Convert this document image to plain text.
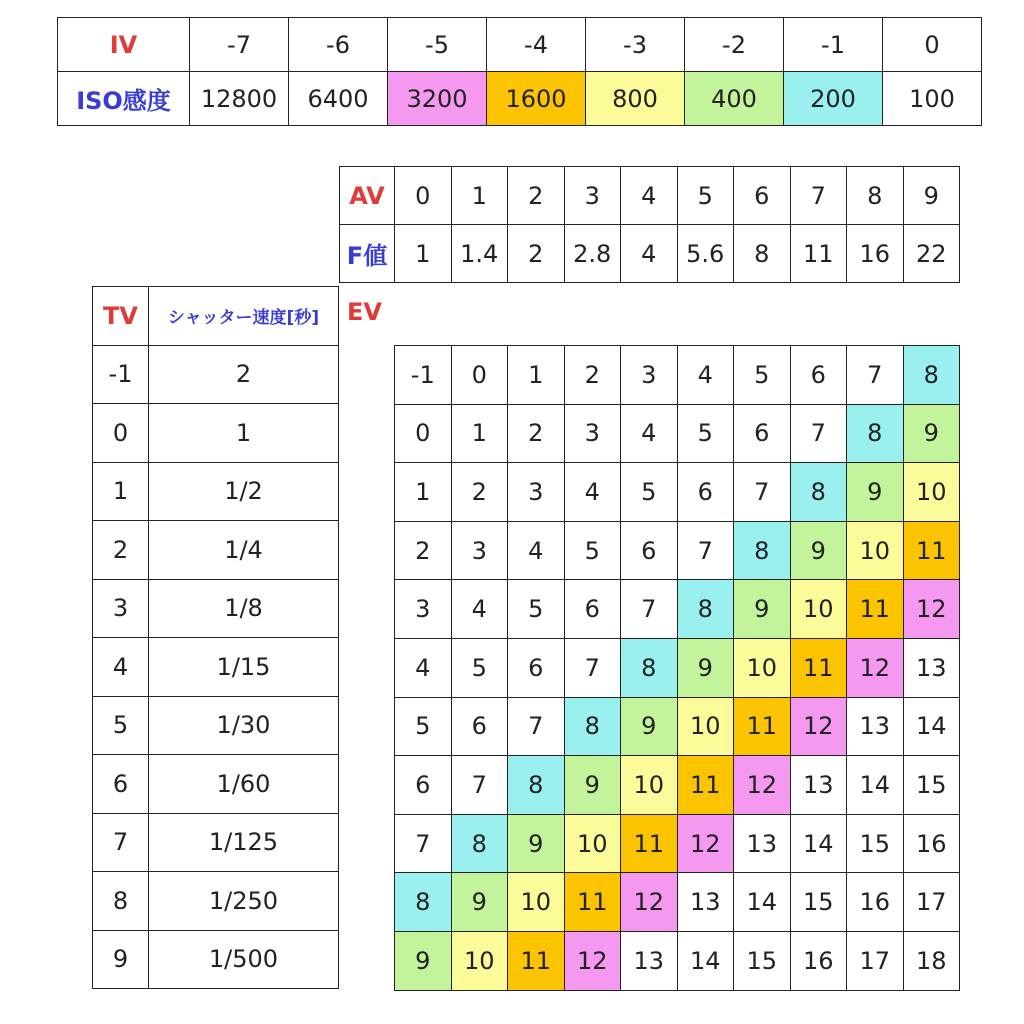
IV	-7	-6	-5	-4	-3	-2	-1	0
ISO感度	12800	6400	3200	1600	800	400	200	100
AV	0	1	2	3	4	5	6	7	8	9
F値	1	1.4	2	2.8	4	5.6	8	11	16	22
EV
TV	シャッター速度[秒]
-1	2
0	1
1	1/2
2	1/4
3	1/8
4	1/15
5	1/30
6	1/60
7	1/125
8	1/250
9	1/500
-1	0	1	2	3	4	5	6	7	8
0	1	2	3	4	5	6	7	8	9
1	2	3	4	5	6	7	8	9	10
2	3	4	5	6	7	8	9	10	11
3	4	5	6	7	8	9	10	11	12
4	5	6	7	8	9	10	11	12	13
5	6	7	8	9	10	11	12	13	14
6	7	8	9	10	11	12	13	14	15
7	8	9	10	11	12	13	14	15	16
8	9	10	11	12	13	14	15	16	17
9	10	11	12	13	14	15	16	17	18
